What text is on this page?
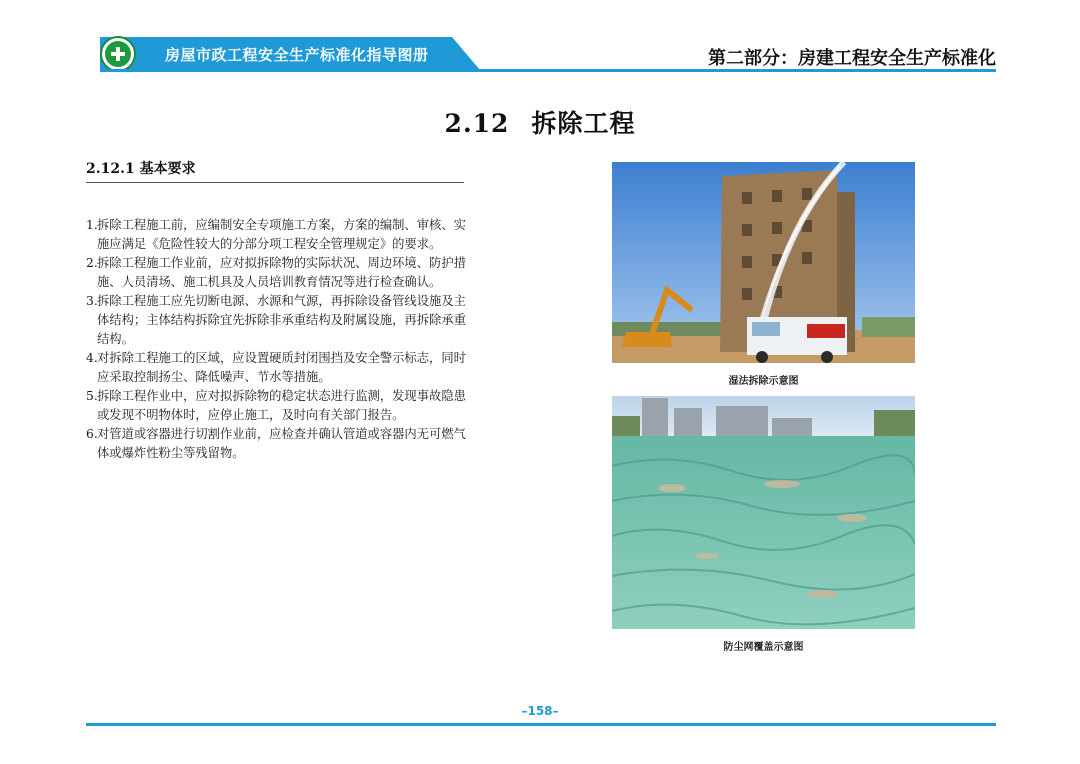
房屋市政工程安全生产标准化指导图册	第二部分：房建工程安全生产标准化
2.12 拆除工程
2.12.1 基本要求
1. 拆除工程施工前，应编制安全专项施工方案，方案的编制、审核、实施应满足《危险性较大的分部分项工程安全管理规定》的要求。
2. 拆除工程施工作业前，应对拟拆除物的实际状况、周边环境、防护措施、人员清场、施工机具及人员培训教育情况等进行检查确认。
3. 拆除工程施工应先切断电源、水源和气源，再拆除设备管线设施及主体结构；主体结构拆除宜先拆除非承重结构及附属设施，再拆除承重结构。
4. 对拆除工程施工的区域，应设置硬质封闭围挡及安全警示标志，同时应采取控制扬尘、降低噪声、节水等措施。
5. 拆除工程作业中，应对拟拆除物的稳定状态进行监测，发现事故隐患或发现不明物体时，应停止施工，及时向有关部门报告。
6. 对管道或容器进行切割作业前，应检查并确认管道或容器内无可燃气体或爆炸性粉尘等残留物。
湿法拆除示意图
防尘网覆盖示意图
–158–
